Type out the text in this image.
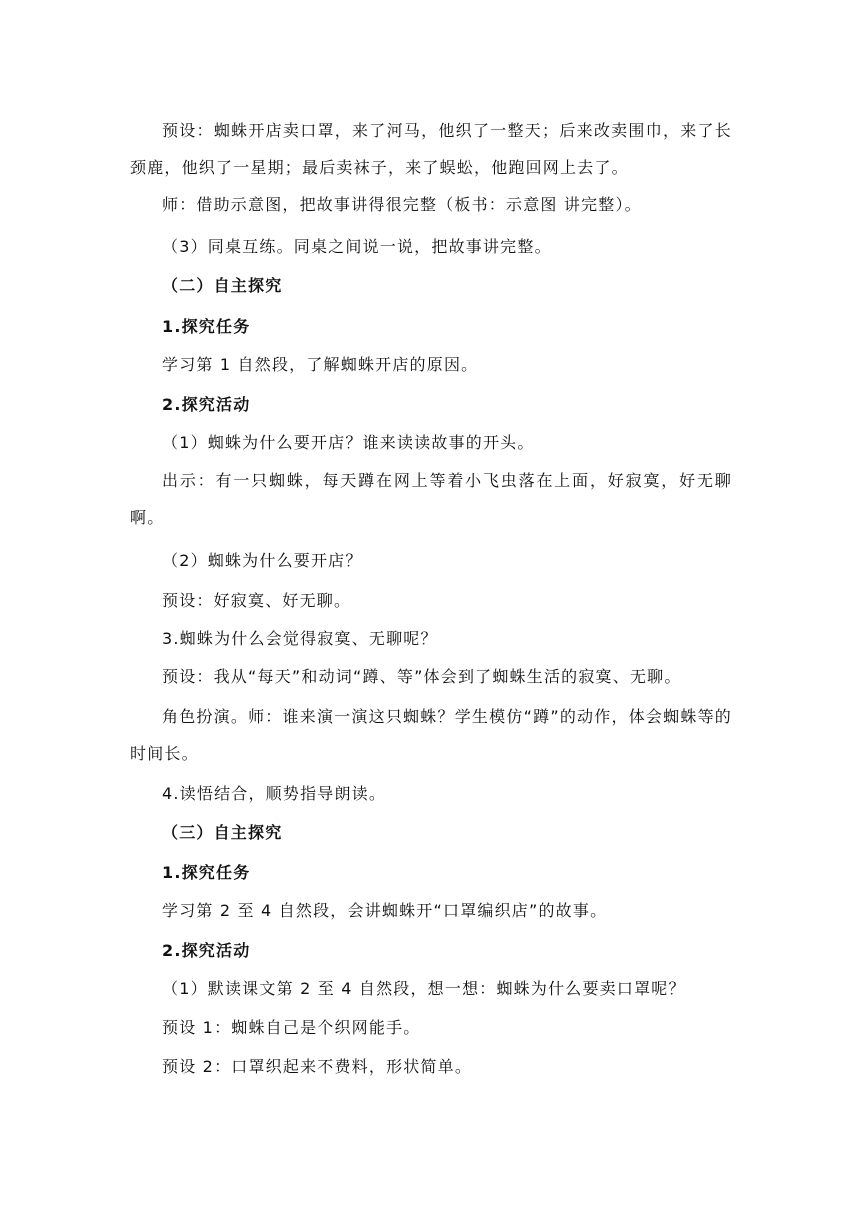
预设：蜘蛛开店卖口罩，来了河马，他织了一整天；后来改卖围巾，来了长颈鹿，他织了一星期；最后卖袜子，来了蜈蚣，他跑回网上去了。
师：借助示意图，把故事讲得很完整（板书：示意图 讲完整）。
（3）同桌互练。同桌之间说一说，把故事讲完整。
（二）自主探究
1.探究任务
学习第 1 自然段，了解蜘蛛开店的原因。
2.探究活动
（1）蜘蛛为什么要开店？谁来读读故事的开头。
出示：有一只蜘蛛，每天蹲在网上等着小飞虫落在上面，好寂寞，好无聊啊。
（2）蜘蛛为什么要开店？
预设：好寂寞、好无聊。
3.蜘蛛为什么会觉得寂寞、无聊呢？
预设：我从“每天”和动词“蹲、等”体会到了蜘蛛生活的寂寞、无聊。
角色扮演。师：谁来演一演这只蜘蛛？学生模仿“蹲”的动作，体会蜘蛛等的时间长。
4.读悟结合，顺势指导朗读。
（三）自主探究
1.探究任务
学习第 2 至 4 自然段，会讲蜘蛛开“口罩编织店”的故事。
2.探究活动
（1）默读课文第 2 至 4 自然段，想一想：蜘蛛为什么要卖口罩呢？
预设 1：蜘蛛自己是个织网能手。
预设 2：口罩织起来不费料，形状简单。
